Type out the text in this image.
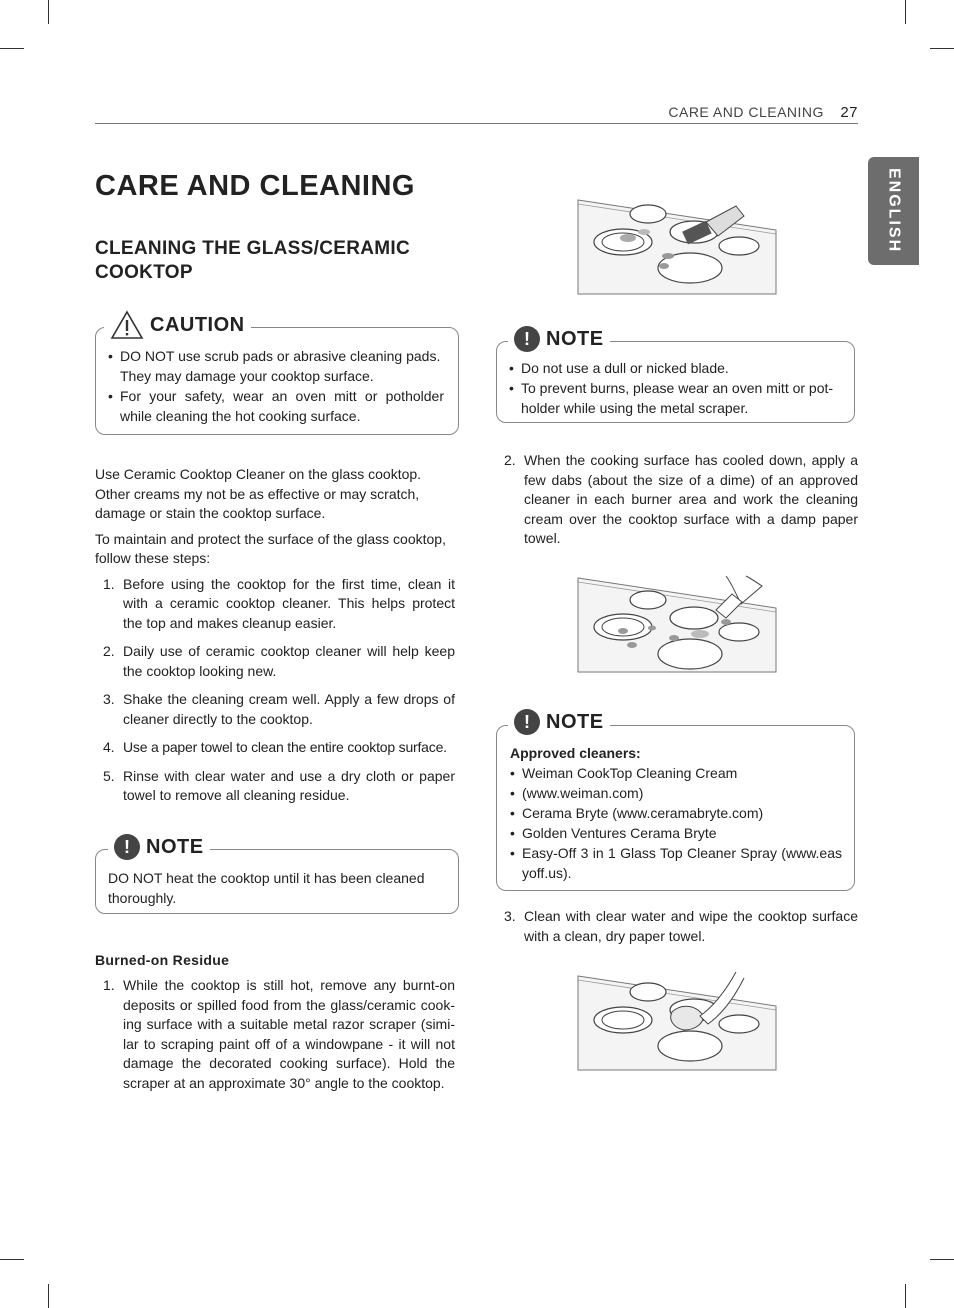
CARE AND CLEANING 27
ENGLISH
CARE AND CLEANING
CLEANING THE GLASS/CERAMIC COOKTOP
• DO NOT use scrub pads or abrasive cleaning pads. They may damage your cooktop surface.
• For your safety, wear an oven mitt or potholder while cleaning the hot cooking surface.
CAUTION

Use Ceramic Cooktop Cleaner on the glass cooktop. Other creams my not be as effective or may scratch, damage or stain the cooktop surface.

To maintain and protect the surface of the glass cooktop, follow these steps:

1. Before using the cooktop for the first time, clean it with a ceramic cooktop cleaner. This helps protect the top and makes cleanup easier.
2. Daily use of ceramic cooktop cleaner will help keep the cooktop looking new.
3. Shake the cleaning cream well. Apply a few drops of cleaner directly to the cooktop.
4. Use a paper towel to clean the entire cooktop surface.
5. Rinse with clear water and use a dry cloth or paper towel to remove all cleaning residue.
DO NOT heat the cooktop until it has been cleaned thoroughly.
! NOTE
Burned-on Residue
1. While the cooktop is still hot, remove any burnt-on deposits or spilled food from the glass/ceramic cook-ing surface with a suitable metal razor scraper (simi-lar to scraping paint off of a windowpane - it will not damage the decorated cooking surface). Hold the scraper at an approximate 30° angle to the cooktop.
• Do not use a dull or nicked blade.
• To prevent burns, please wear an oven mitt or pot-holder while using the metal scraper.
! NOTE
2. When the cooking surface has cooled down, apply a few dabs (about the size of a dime) of an approved cleaner in each burner area and work the cleaning cream over the cooktop surface with a damp paper towel.
Approved cleaners:
• Weiman CookTop Cleaning Cream
• (www.weiman.com)
• Cerama Bryte (www.ceramabryte.com)
• Golden Ventures Cerama Bryte
• Easy-Off 3 in 1 Glass Top Cleaner Spray (www.easyoff.us).
! NOTE
3. Clean with clear water and wipe the cooktop surface with a clean, dry paper towel.
